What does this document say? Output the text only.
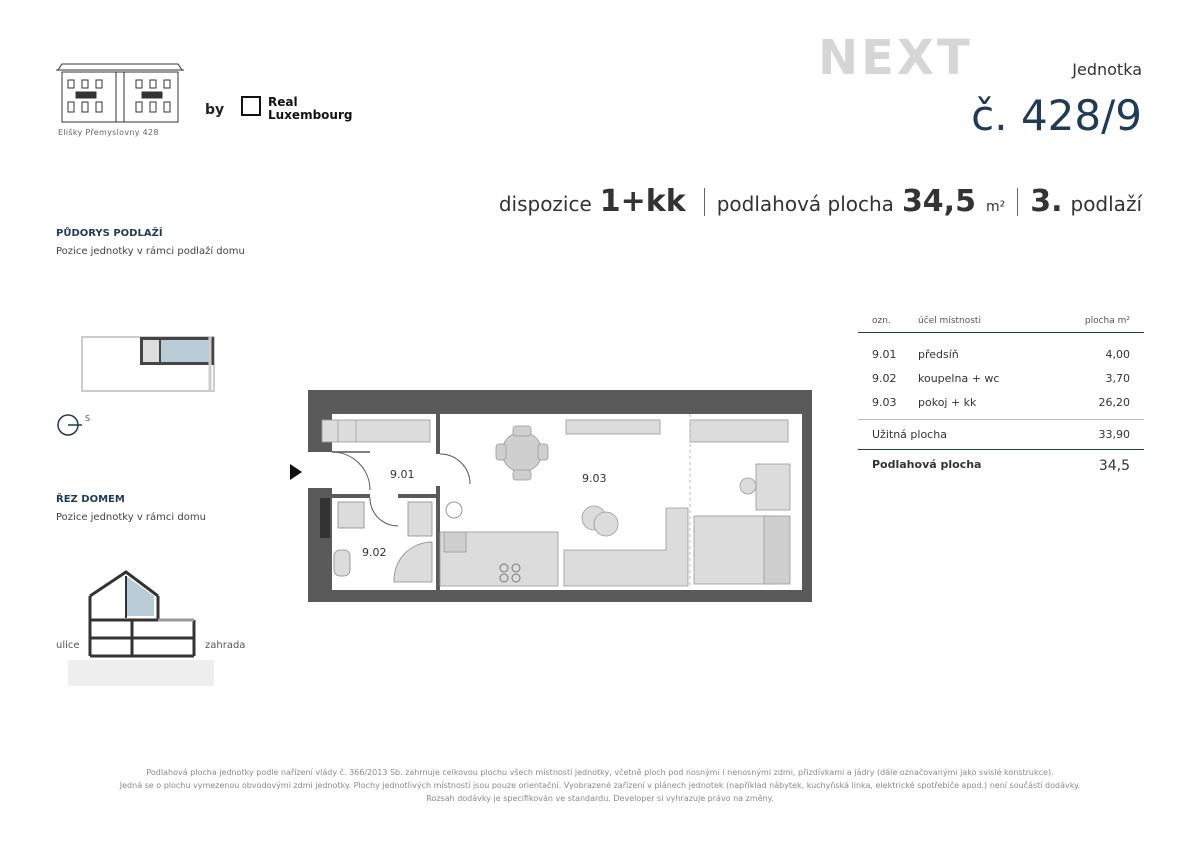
Elišky Přemyslovny 428
by	Real
Luxembourg
NEXT	Jednotka
č. 428/9
dispozice 1+kk podlahová plocha 34,5 m² 3. podlaží
PŮDORYS PODLAŽÍ
Pozice jednotky v rámci podlaží domu
S
ŘEZ DOMEM
Pozice jednotky v rámci domu
ulice	zahrada
9.01
9.02
9.03
ozn.	účel místnosti	plocha m²
9.01	předsíň	4,00
9.02	koupelna + wc	3,70
9.03	pokoj + kk	26,20
Užitná plocha	33,90
Podlahová plocha	34,5
Podlahová plocha jednotky podle nařízení vlády č. 366/2013 Sb. zahrnuje celkovou plochu všech místností jednotky, včetně ploch pod nosnými i nenosnými zdmi, přizdívkami a jádry (dále označovanými jako svislé konstrukce).
Jedná se o plochu vymezenou obvodovými zdmi jednotky. Plochy jednotlivých místností jsou pouze orientační. Vyobrazené zařízení v plánech jednotek (například nábytek, kuchyňská linka, elektrické spotřebiče apod.) není součástí dodávky.
Rozsah dodávky je specifikován ve standardu. Developer si vyhrazuje právo na změny.
